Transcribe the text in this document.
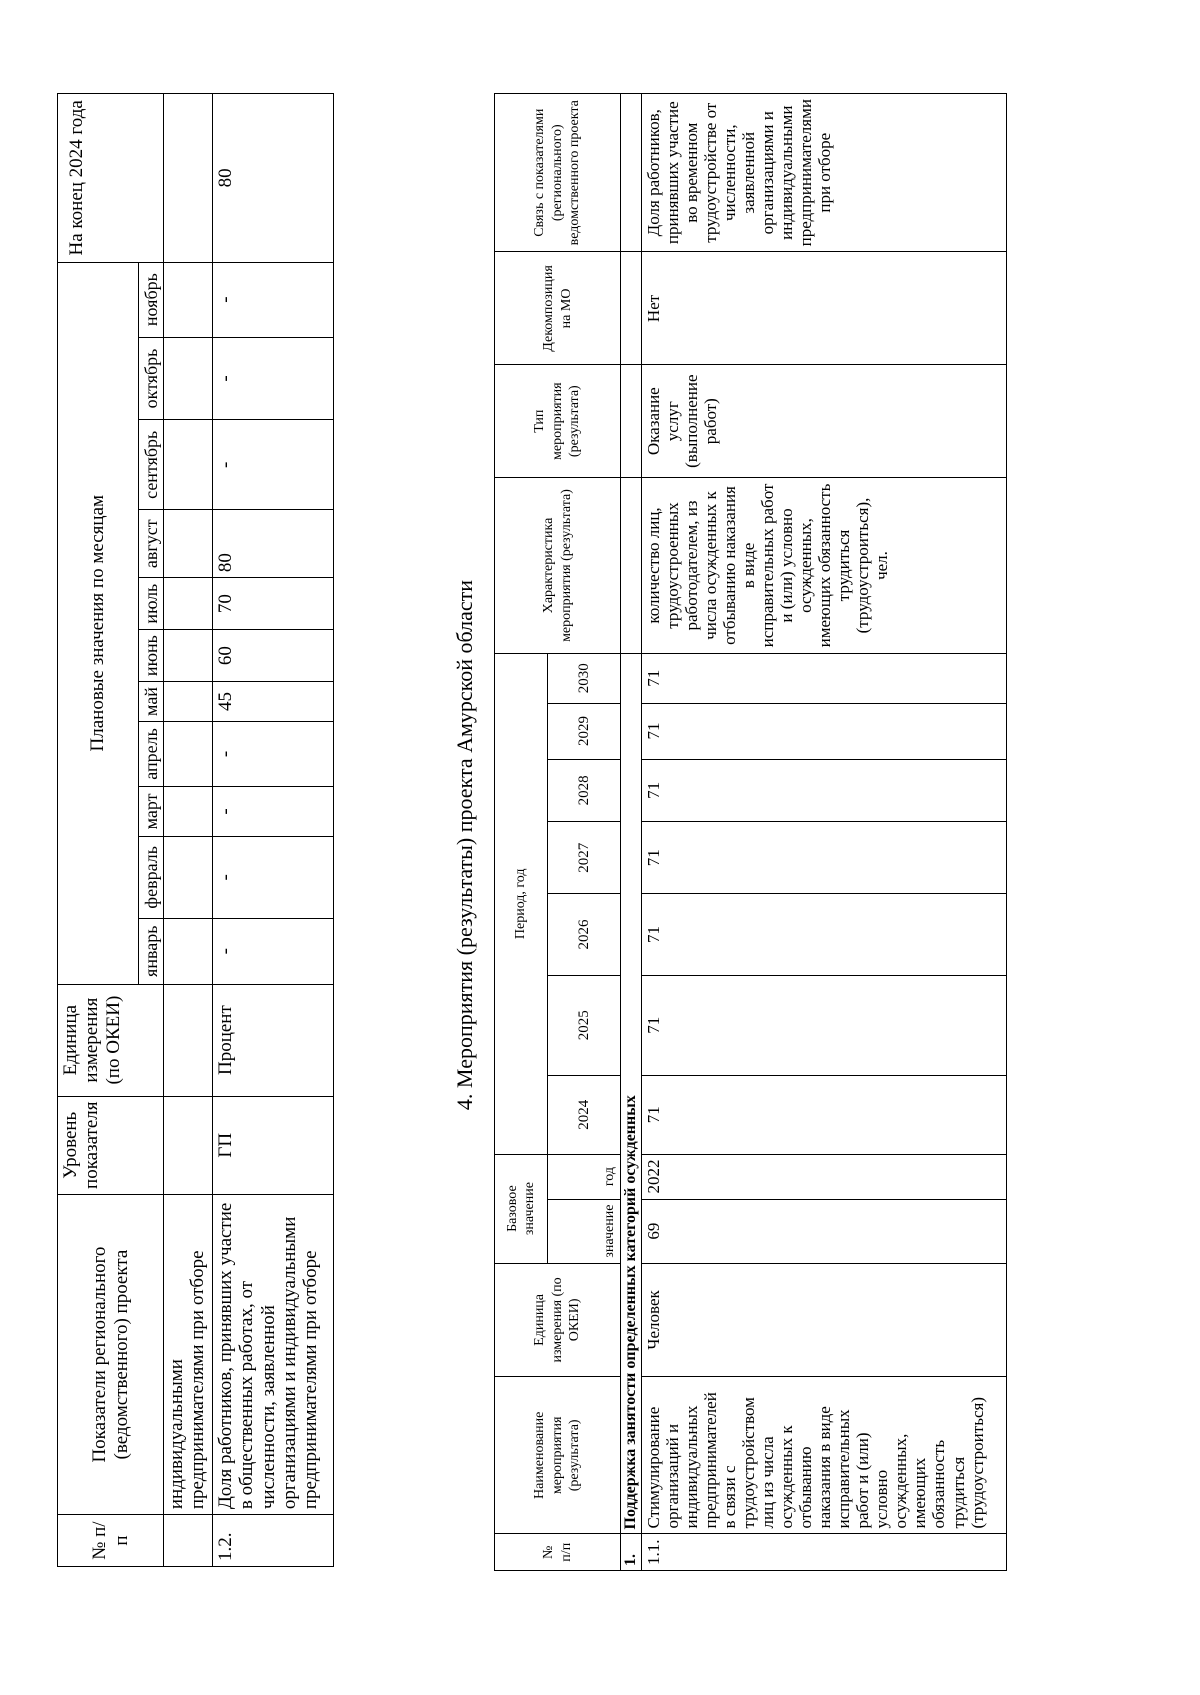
№ п/п	Показатели регионального (ведомственного) проекта	Уровень показателя	Единица измерения (по ОКЕИ)	Плановые значения по месяцам											На конец 2024 года
				январь	февраль	март	апрель	май	июнь	июль	август	сентябрь	октябрь	ноябрь	
	индивидуальными предпринимателями при отборе														
1.2.	Доля работников, принявших участие в общественных работах, от численности, заявленной организациями и индивидуальными предпринимателями при отборе	ГП	Процент	-	-	-	-	45	60	70	80	-	-	-	80
4. Мероприятия (результаты) проекта Амурской области
№ п/п	Наименование мероприятия (результата)	Единица измерения (по ОКЕИ)	Базовое значение		Период, год							Характеристика мероприятия (результата)	Тип мероприятия (результата)	Декомпозиция на МО	Связь с показателями (регионального) ведомственного проекта

			значение	год	2024	2025	2026	2027	2028	2029	2030				
1.	Поддержка занятости определенных категорий осужденных														
1.1.	Стимулирование организаций и индивидуальных предпринимателей в связи с трудоустройством лиц из числа осужденных к отбыванию наказания в виде исправительных работ и (или) условно осужденных, имеющих обязанность трудиться (трудоустроиться)	Человек	69	2022	71	71	71	71	71	71	71	количество лиц, трудоустроенных работодателем, из числа осужденных к отбыванию наказания в виде исправительных работ и (или) условно осужденных, имеющих обязанность трудиться (трудоустроиться), чел.	Оказание услуг (выполнение работ)	Нет	Доля работников, принявших участие во временном трудоустройстве от численности, заявленной организациями и индивидуальными предпринимателями при отборе
